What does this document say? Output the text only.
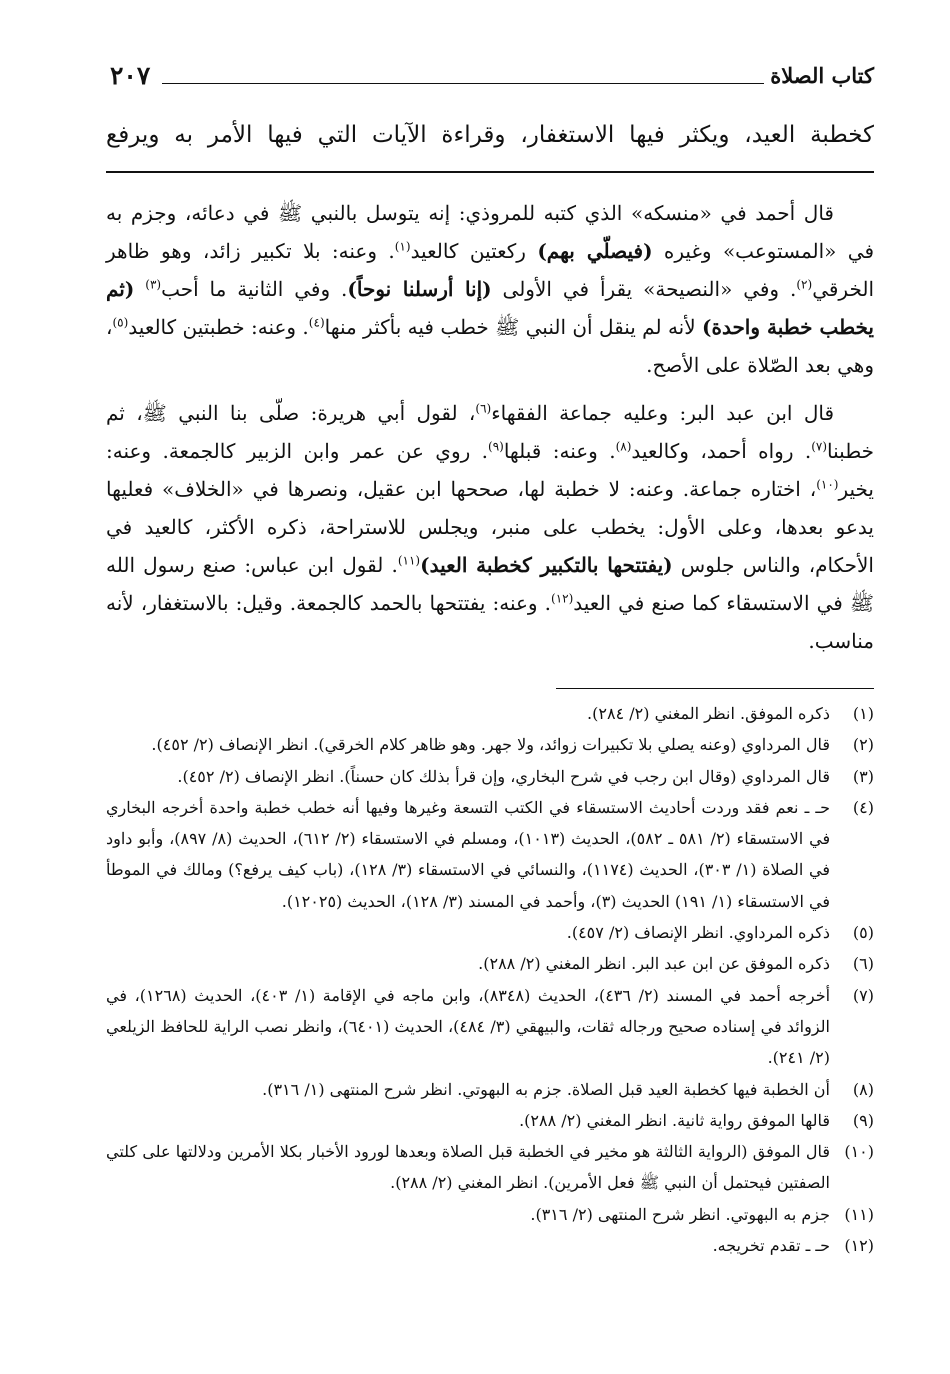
كتاب الصلاة
٢٠٧
كخطبة العيد، ويكثر فيها الاستغفار، وقراءة الآيات التي فيها الأمر به ويرفع

قال أحمد في «منسكه» الذي كتبه للمروذي: إنه يتوسل بالنبي ﷺ في دعائه، وجزم به في «المستوعب» وغيره (فيصلّي بهم) ركعتين كالعيد$^{(١)}$. وعنه: بلا تكبير زائد، وهو ظاهر الخرقي$^{(٢)}$. وفي «النصيحة» يقرأ في الأولى (إنا أرسلنا نوحاً). وفي الثانية ما أحب$^{(٣)}$ (ثم يخطب خطبة واحدة) لأنه لم ينقل أن النبي ﷺ خطب فيه بأكثر منها$^{(٤)}$. وعنه: خطبتين كالعيد$^{(٥)}$، وهي بعد الصّلاة على الأصح.

قال ابن عبد البر: وعليه جماعة الفقهاء$^{(٦)}$، لقول أبي هريرة: صلّى بنا النبي ﷺ، ثم خطبنا$^{(٧)}$. رواه أحمد، وكالعيد$^{(٨)}$. وعنه: قبلها$^{(٩)}$. روي عن عمر وابن الزبير كالجمعة. وعنه: يخير$^{(١٠)}$، اختاره جماعة. وعنه: لا خطبة لها، صححها ابن عقيل، ونصرها في «الخلاف» فعليها يدعو بعدها، وعلى الأول: يخطب على منبر، ويجلس للاستراحة، ذكره الأكثر، كالعيد في الأحكام، والناس جلوس (يفتتحها بالتكبير كخطبة العيد)$^{(١١)}$. لقول ابن عباس: صنع رسول الله ﷺ في الاستسقاء كما صنع في العيد$^{(١٢)}$. وعنه: يفتتحها بالحمد كالجمعة. وقيل: بالاستغفار، لأنه مناسب.

(١)
ذكره الموفق. انظر المغني (٢/ ٢٨٤).
(٢)
قال المرداوي (وعنه يصلي بلا تكبيرات زوائد، ولا جهر. وهو ظاهر كلام الخرقي). انظر الإنصاف (٢/ ٤٥٢).
(٣)
قال المرداوي (وقال ابن رجب في شرح البخاري، وإن قرأ بذلك كان حسناً). انظر الإنصاف (٢/ ٤٥٢).
(٤)
حـ ـ نعم فقد وردت أحاديث الاستسقاء في الكتب التسعة وغيرها وفيها أنه خطب خطبة واحدة أخرجه البخاري في الاستسقاء (٢/ ٥٨١ ـ ٥٨٢)، الحديث (١٠١٣)، ومسلم في الاستسقاء (٢/ ٦١٢)، الحديث (٨/ ٨٩٧)، وأبو داود في الصلاة (١/ ٣٠٣)، الحديث (١١٧٤)، والنسائي في الاستسقاء (٣/ ١٢٨)، (باب كيف يرفع؟) ومالك في الموطأ في الاستسقاء (١/ ١٩١) الحديث (٣)، وأحمد في المسند (٣/ ١٢٨)، الحديث (١٢٠٢٥).
(٥)
ذكره المرداوي. انظر الإنصاف (٢/ ٤٥٧).
(٦)
ذكره الموفق عن ابن عبد البر. انظر المغني (٢/ ٢٨٨).
(٧)
أخرجه أحمد في المسند (٢/ ٤٣٦)، الحديث (٨٣٤٨)، وابن ماجه في الإقامة (١/ ٤٠٣)، الحديث (١٢٦٨)، في الزوائد في إسناده صحيح ورجاله ثقات، والبيهقي (٣/ ٤٨٤)، الحديث (٦٤٠١)، وانظر نصب الراية للحافظ الزيلعي (٢/ ٢٤١).
(٨)
أن الخطبة فيها كخطبة العيد قبل الصلاة. جزم به البهوتي. انظر شرح المنتهى (١/ ٣١٦).
(٩)
قالها الموفق رواية ثانية. انظر المغني (٢/ ٢٨٨).
(١٠)
قال الموفق (الرواية الثالثة هو مخير في الخطبة قبل الصلاة وبعدها لورود الأخبار بكلا الأمرين ودلالتها على كلتي الصفتين فيحتمل أن النبي ﷺ فعل الأمرين). انظر المغني (٢/ ٢٨٨).
(١١)
جزم به البهوتي. انظر شرح المنتهى (٢/ ٣١٦).
(١٢)
حـ ـ تقدم تخريجه.
